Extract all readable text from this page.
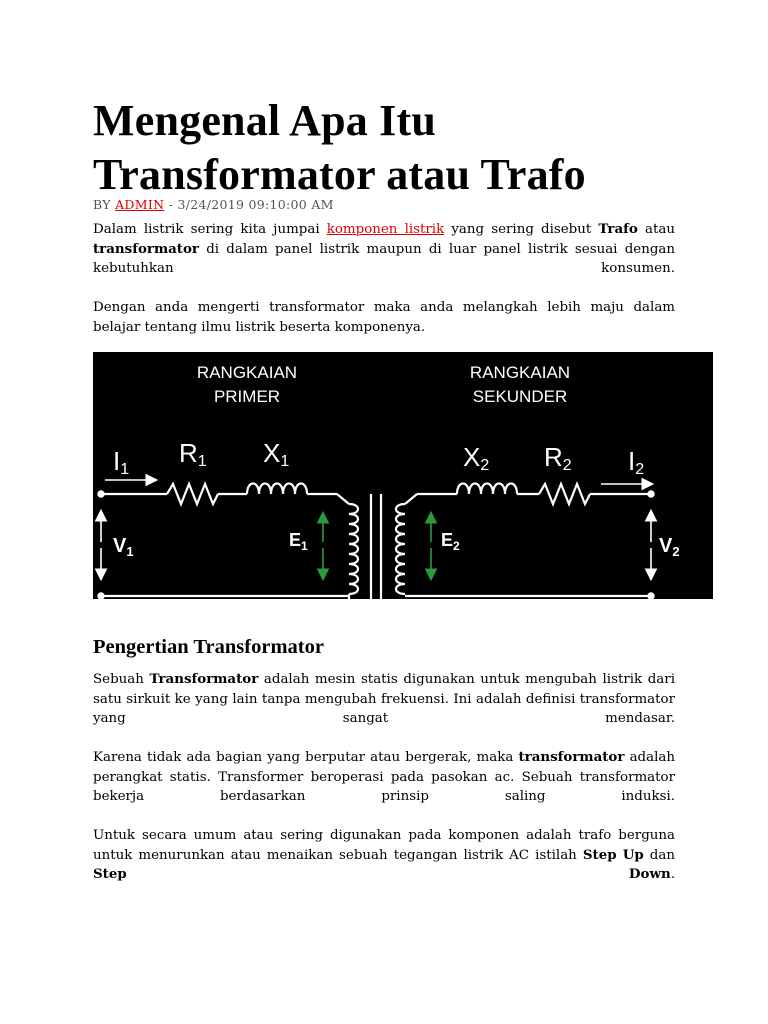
Mengenal Apa Itu Transformator atau Trafo
BY ADMIN - 3/24/2019 09:10:00 AM

Dalam listrik sering kita jumpai komponen listrik yang sering disebut Trafo atau transformator di dalam panel listrik maupun di luar panel listrik sesuai dengan kebutuhkan konsumen.

Dengan anda mengerti transformator maka anda melangkah lebih maju dalam belajar tentang ilmu listrik beserta komponenya.

RANGKAIAN
PRIMER
RANGKAIAN
SEKUNDER
I1
R1 X1	X2 R2 I2
$V_1$
$E_1$	$E_2$	$V_2$
Pengertian Transformator

Sebuah Transformator adalah mesin statis digunakan untuk mengubah listrik dari satu sirkuit ke yang lain tanpa mengubah frekuensi. Ini adalah definisi transformator yang sangat mendasar.

Karena tidak ada bagian yang berputar atau bergerak, maka transformator adalah perangkat statis. Transformer beroperasi pada pasokan ac. Sebuah transformator bekerja berdasarkan prinsip saling induksi.

Untuk secara umum atau sering digunakan pada komponen adalah trafo berguna untuk menurunkan atau menaikan sebuah tegangan listrik AC istilah Step Up dan Step	Down.
